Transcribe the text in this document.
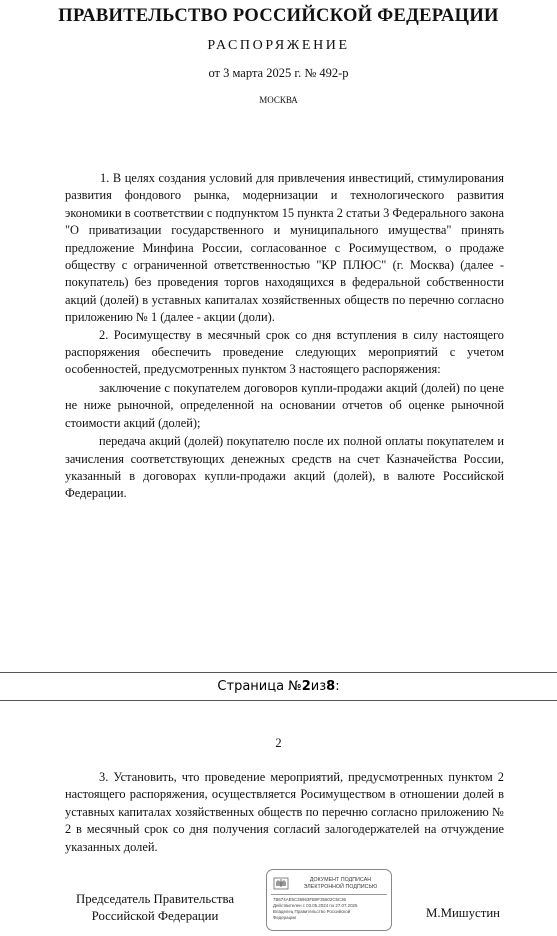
ПРАВИТЕЛЬСТВО РОССИЙСКОЙ ФЕДЕРАЦИИ
РАСПОРЯЖЕНИЕ
от 3 марта 2025 г. № 492-р
МОСКВА

1. В целях создания условий для привлечения инвестиций, стимулирования развития фондового рынка, модернизации и технологического развития экономики в соответствии с подпунктом 15 пункта 2 статьи 3 Федерального закона "О приватизации государственного и муниципального имущества" принять предложение Минфина России, согласованное с Росимуществом, о продаже обществу с ограниченной ответственностью "КР ПЛЮС" (г. Москва) (далее - покупатель) без проведения торгов находящихся в федеральной собственности акций (долей) в уставных капиталах хозяйственных обществ по перечню согласно приложению № 1 (далее - акции (доли).

2. Росимуществу в месячный срок со дня вступления в силу настоящего распоряжения обеспечить проведение следующих мероприятий с учетом особенностей, предусмотренных пунктом 3 настоящего распоряжения:

заключение с покупателем договоров купли-продажи акций (долей) по цене не ниже рыночной, определенной на основании отчетов об оценке рыночной стоимости акций (долей);

передача акций (долей) покупателю после их полной оплаты покупателем и зачисления соответствующих денежных средств на счет Казначейства России, указанный в договорах купли-продажи акций (долей), в валюте Российской Федерации.

Страница № 2 из 8 :
2

3. Установить, что проведение мероприятий, предусмотренных пунктом 2 настоящего распоряжения, осуществляется Росимуществом в отношении долей в уставных капиталах хозяйственных обществ по перечню согласно приложению № 2 в месячный срок со дня получения согласий залогодержателей на отчуждение указанных долей.

Председатель Правительства
Российской Федерации
ДОКУМЕНТ ПОДПИСАН
ЭЛЕКТРОННОЙ ПОДПИСЬЮ
7B674AE5C35963FB9F35602C5C36
Действителен с 03.05.2024 по 27.07.2025
Владелец Правительство Российской
Федерации	М.Мишустин
